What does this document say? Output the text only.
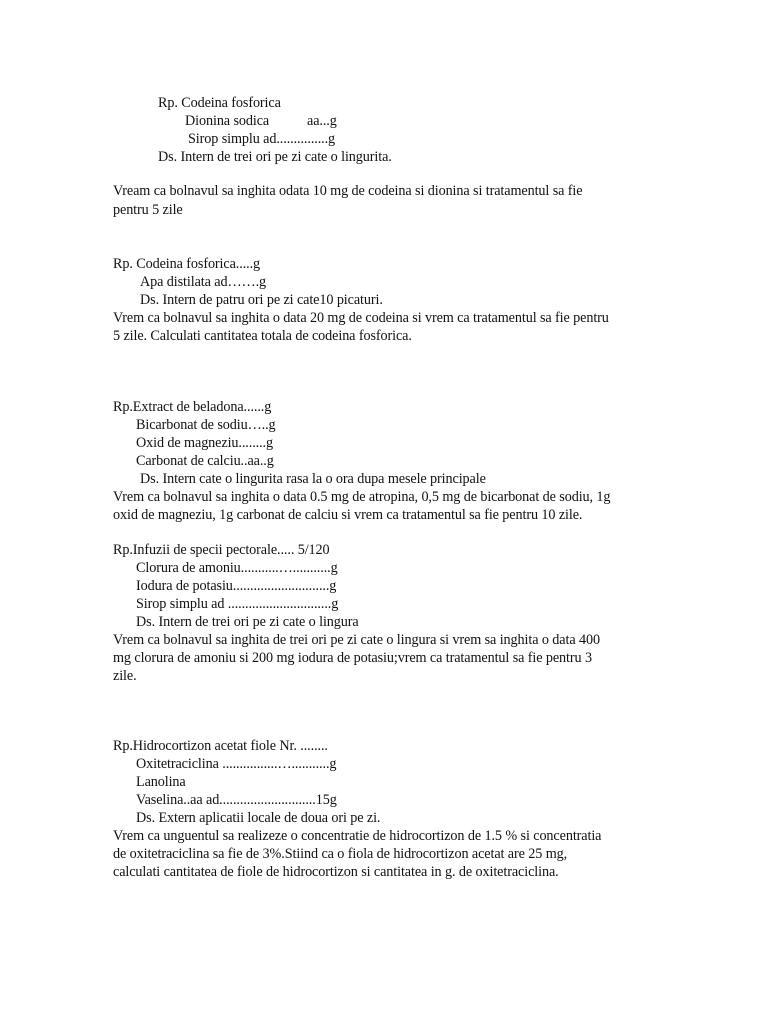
Rp. Codeina fosforica
Dionina sodica           aa...g
Sirop simplu ad...............g
Ds. Intern de trei ori pe zi cate o lingurita.
Vream ca bolnavul sa inghita odata 10 mg de codeina si dionina si tratamentul sa fie
pentru 5 zile
Rp. Codeina fosforica.....g
Apa distilata ad…….g
Ds. Intern de patru ori pe zi cate10 picaturi.
Vrem ca bolnavul sa inghita o data 20 mg de codeina si vrem ca tratamentul sa fie pentru
5 zile. Calculati cantitatea totala de codeina fosforica.
Rp.Extract de beladona......g
Bicarbonat de sodiu…..g
Oxid de magneziu........g
Carbonat de calciu..aa..g
Ds. Intern cate o lingurita rasa la o ora dupa mesele principale
Vrem ca bolnavul sa inghita o data 0.5 mg de atropina, 0,5 mg de bicarbonat de sodiu, 1g
oxid de magneziu, 1g carbonat de calciu si vrem ca tratamentul sa fie pentru 10 zile.
Rp.Infuzii de specii pectorale..... 5/120
Clorura de amoniu...........…...........g
Iodura de potasiu............................g
Sirop simplu ad ..............................g
Ds. Intern de trei ori pe zi cate o lingura
Vrem ca bolnavul sa inghita de trei ori pe zi cate o lingura si vrem sa inghita o data 400
mg clorura de amoniu si 200 mg iodura de potasiu;vrem ca tratamentul sa fie pentru 3
zile.
Rp.Hidrocortizon acetat fiole Nr. ........
Oxitetraciclina ................…...........g
Lanolina
Vaselina..aa ad............................15g
Ds. Extern aplicatii locale de doua ori pe zi.
Vrem ca unguentul sa realizeze o concentratie de hidrocortizon de 1.5 % si concentratia
de oxitetraciclina sa fie de 3%.Stiind ca o fiola de hidrocortizon acetat are 25 mg,
calculati cantitatea de fiole de hidrocortizon si cantitatea in g. de oxitetraciclina.
